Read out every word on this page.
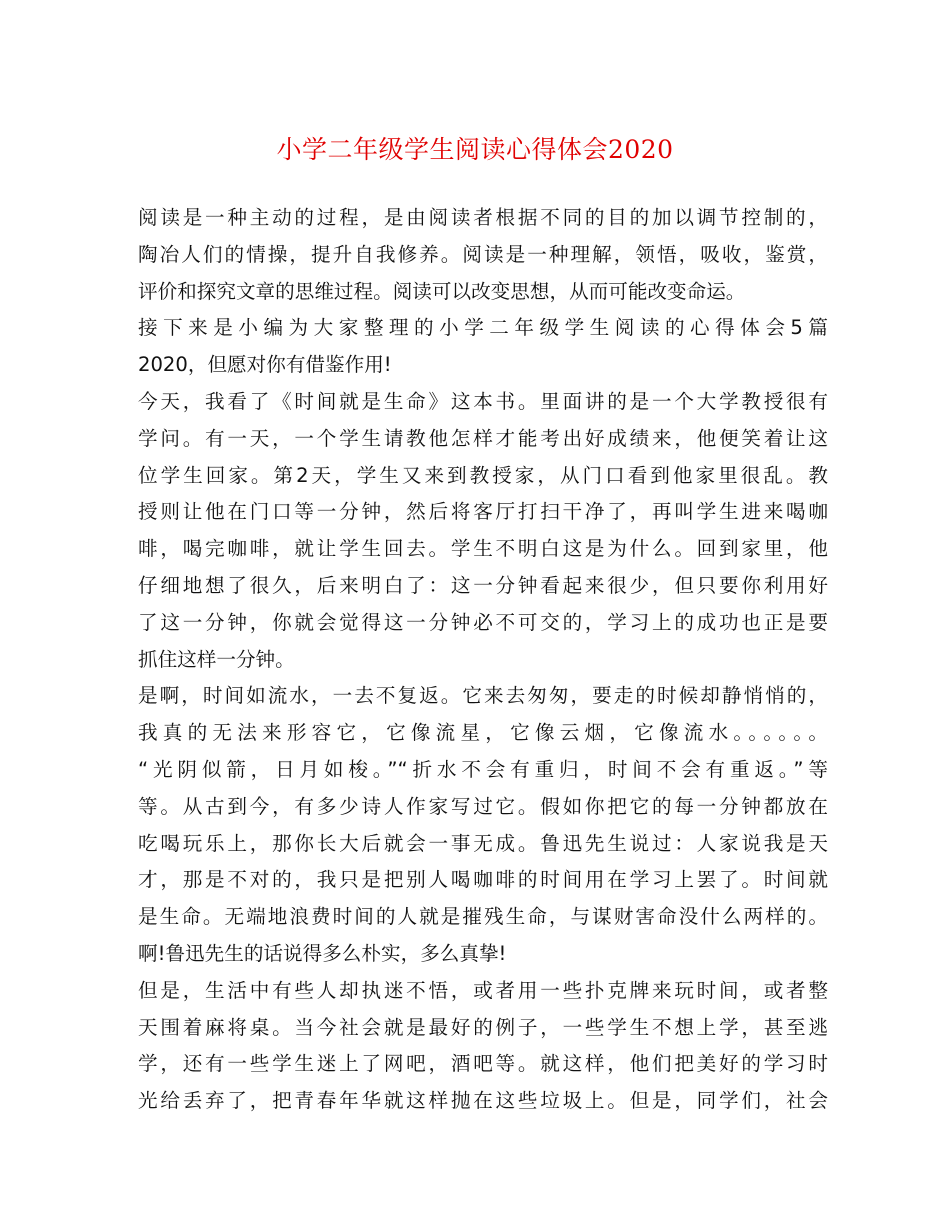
小学二年级学生阅读心得体会2020
阅读是一种主动的过程，是由阅读者根据不同的目的加以调节控制的，
陶冶人们的情操，提升自我修养。阅读是一种理解，领悟，吸收，鉴赏，
评价和探究文章的思维过程。阅读可以改变思想，从而可能改变命运。
接下来是小编为大家整理的小学二年级学生阅读的心得体会5篇
2020，但愿对你有借鉴作用!
今天，我看了《时间就是生命》这本书。里面讲的是一个大学教授很有
学问。有一天，一个学生请教他怎样才能考出好成绩来，他便笑着让这
位学生回家。第2天，学生又来到教授家，从门口看到他家里很乱。教
授则让他在门口等一分钟，然后将客厅打扫干净了，再叫学生进来喝咖
啡，喝完咖啡，就让学生回去。学生不明白这是为什么。回到家里，他
仔细地想了很久，后来明白了：这一分钟看起来很少，但只要你利用好
了这一分钟，你就会觉得这一分钟必不可交的，学习上的成功也正是要
抓住这样一分钟。
是啊，时间如流水，一去不复返。它来去匆匆，要走的时候却静悄悄的，
我真的无法来形容它，它像流星，它像云烟，它像流水。。。。。。
“光阴似箭，日月如梭。”“折水不会有重归，时间不会有重返。”等
等。从古到今，有多少诗人作家写过它。假如你把它的每一分钟都放在
吃喝玩乐上，那你长大后就会一事无成。鲁迅先生说过：人家说我是天
才，那是不对的，我只是把别人喝咖啡的时间用在学习上罢了。时间就
是生命。无端地浪费时间的人就是摧残生命，与谋财害命没什么两样的。
啊!鲁迅先生的话说得多么朴实，多么真挚!
但是，生活中有些人却执迷不悟，或者用一些扑克牌来玩时间，或者整
天围着麻将桌。当今社会就是最好的例子，一些学生不想上学，甚至逃
学，还有一些学生迷上了网吧，酒吧等。就这样，他们把美好的学习时
光给丢弃了，把青春年华就这样抛在这些垃圾上。但是，同学们，社会
